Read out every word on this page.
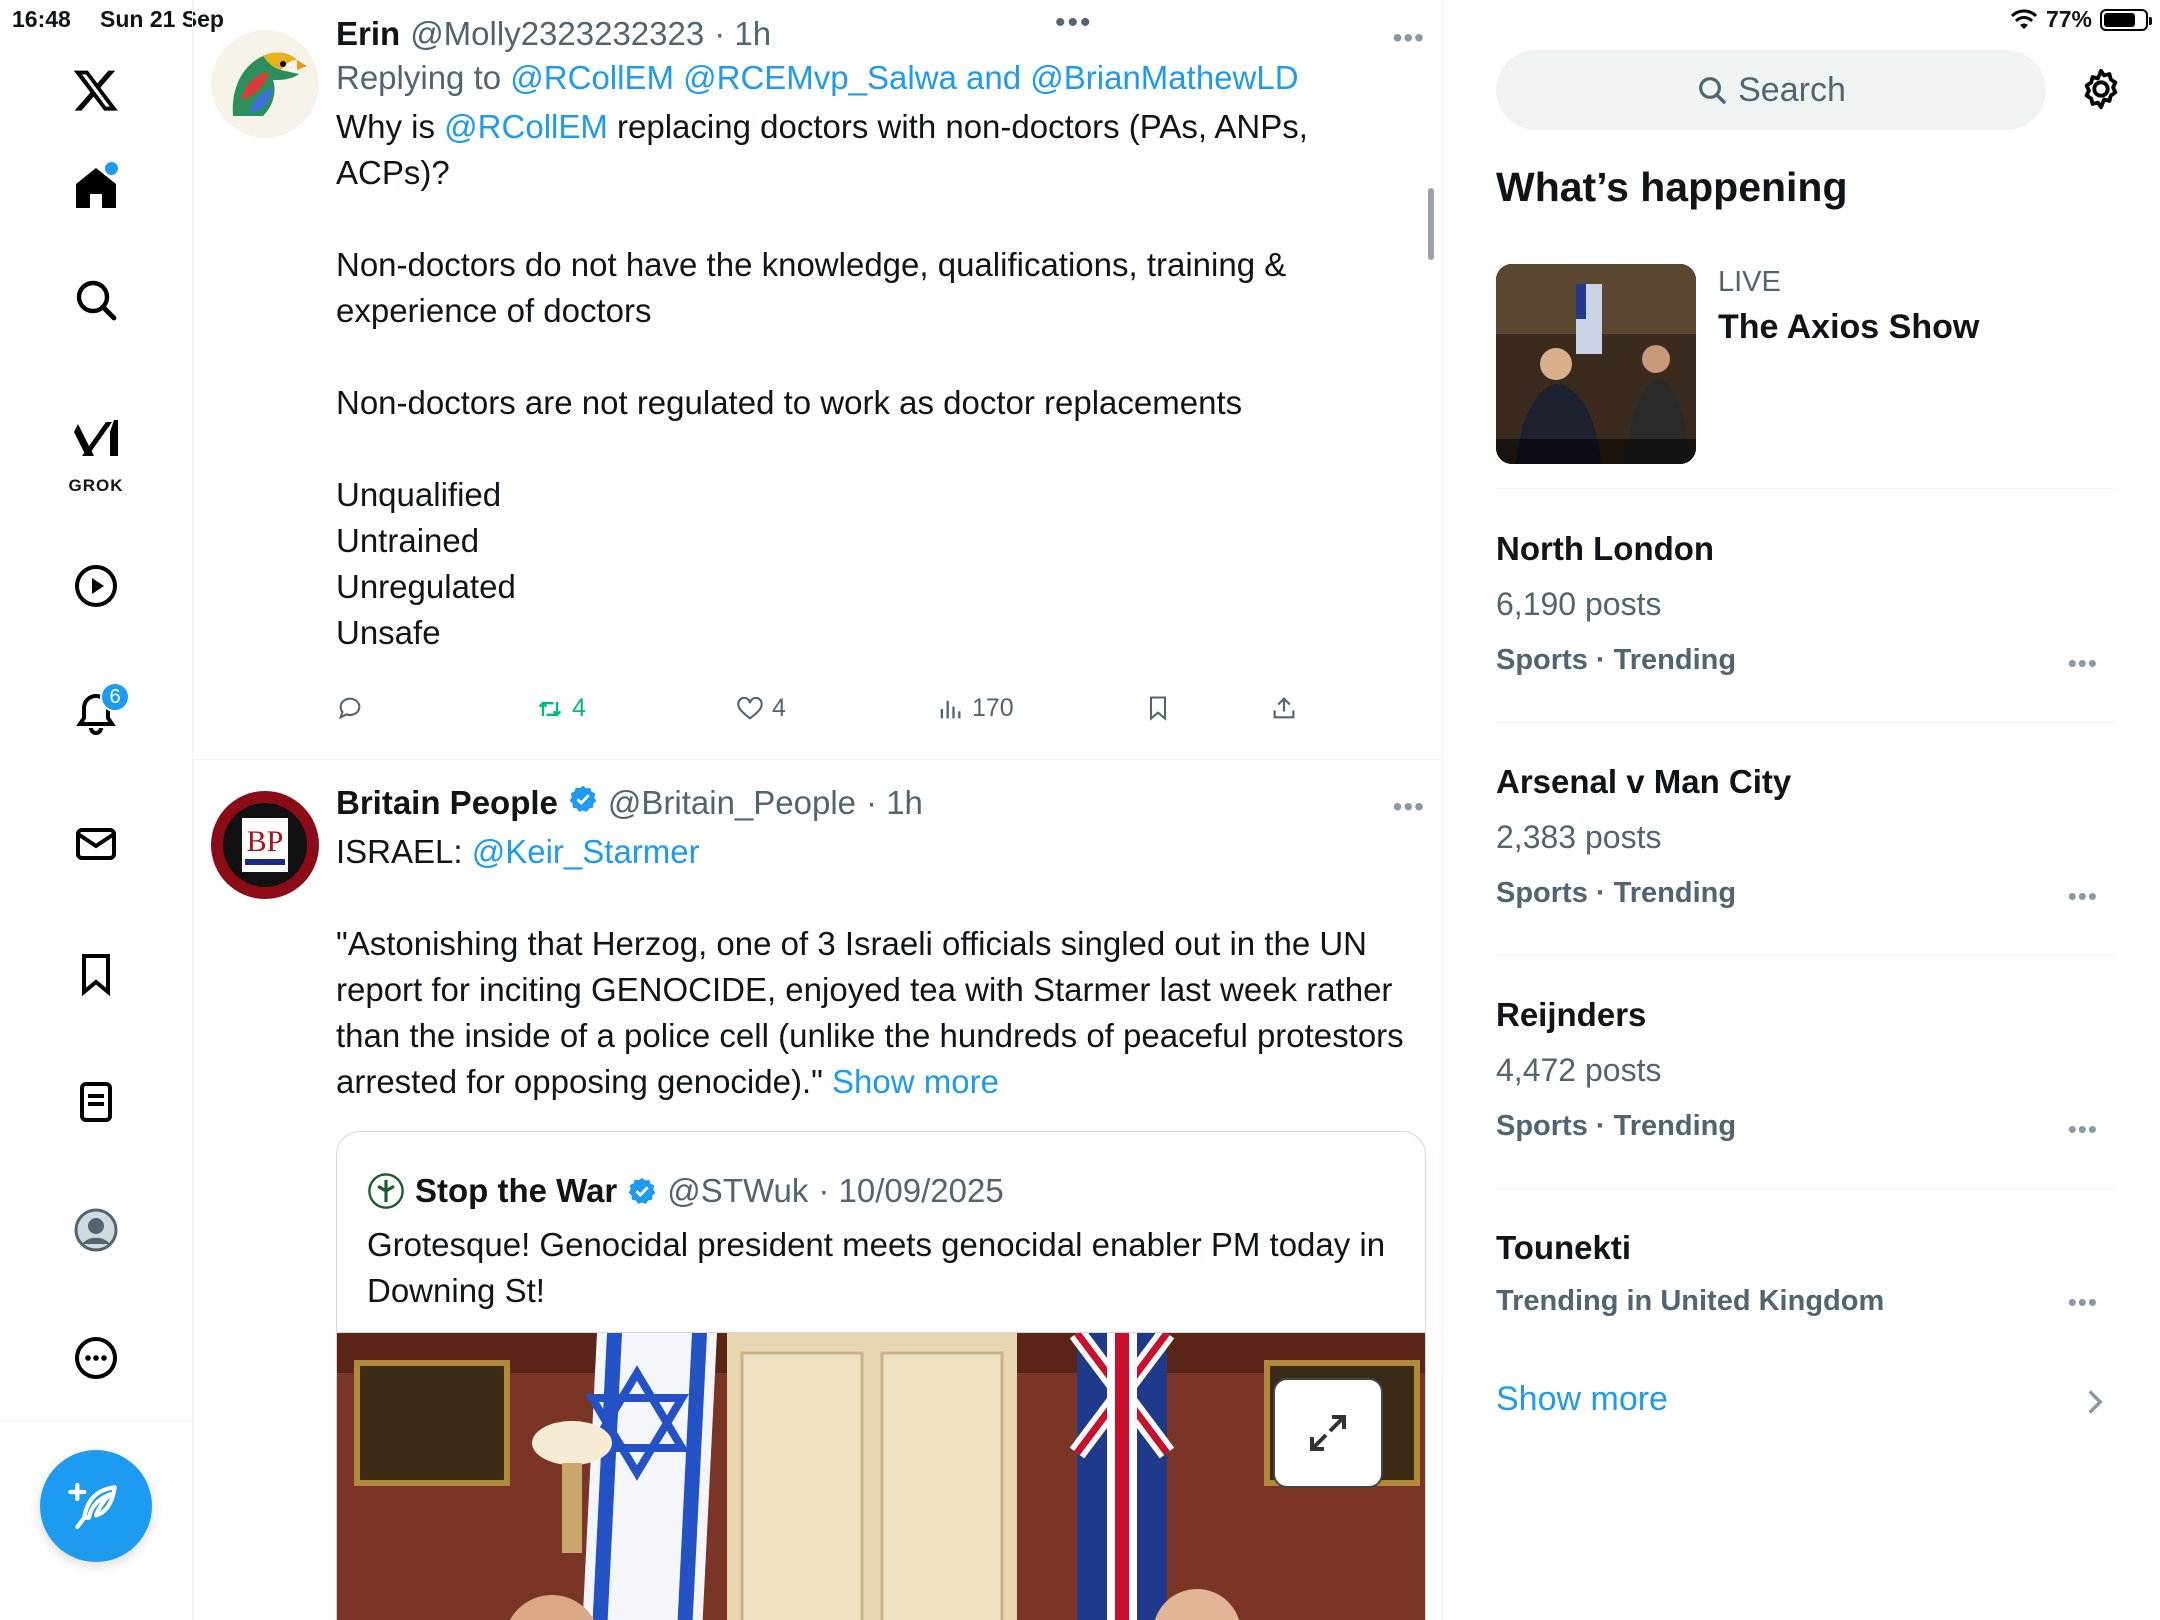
16:48 Sun 21 Sep	77%
GROK
6
•••
Erin @Molly2323232323 · 1h
Replying to @RCollEM @RCEMvp_Salwa and @BrianMathewLD
Why is @RCollEM replacing doctors with non-doctors (PAs, ANPs, ACPs)?
Non-doctors do not have the knowledge, qualifications, training & experience of doctors
Non-doctors are not regulated to work as doctor replacements
Unqualified
Untrained
Unregulated
Unsafe
•••
4	4	170
BP
Britain People @Britain_People · 1h
ISRAEL: @Keir_Starmer
"Astonishing that Herzog, one of 3 Israeli officials singled out in the UN report for inciting GENOCIDE, enjoyed tea with Starmer last week rather than the inside of a police cell (unlike the hundreds of peaceful protestors arrested for opposing genocide)." Show more
•••
Stop the War @STWuk · 10/09/2025
Grotesque! Genocidal president meets genocidal enabler PM today in Downing St!
Search
What’s happening
LIVE
The Axios Show
North London
6,190 posts
Sports · Trending	•••
Arsenal v Man City
2,383 posts
Sports · Trending	•••
Reijnders
4,472 posts
Sports · Trending	•••
Tounekti
Trending in United Kingdom	•••
Show more
